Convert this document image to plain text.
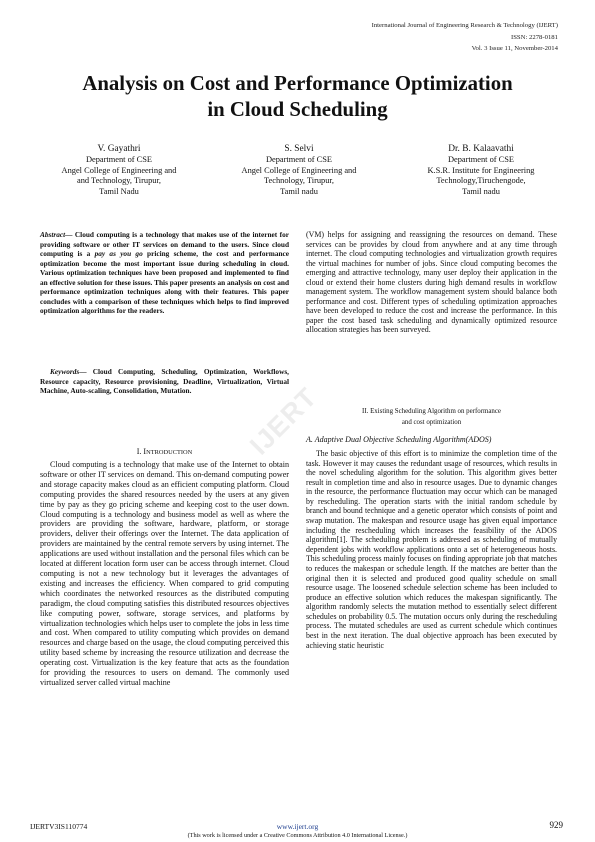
International Journal of Engineering Research & Technology (IJERT)
ISSN: 2278-0181
Vol. 3 Issue 11, November-2014
Analysis on Cost and Performance Optimization
in Cloud Scheduling
V. Gayathri
Department of CSE
Angel College of Engineering and
and Technology, Tirupur,
Tamil Nadu
S. Selvi
Department of CSE
Angel College of Engineering and
Technology, Tirupur,
Tamil nadu
Dr. B. Kalaavathi
Department of CSE
K.S.R. Institute for Engineering
Technology,Tiruchengode,
Tamil nadu

Abstract— Cloud computing is a technology that makes use of the internet for providing software or other IT services on demand to the users. Since cloud computing is a pay as you go pricing scheme, the cost and performance optimization become the most important issue during scheduling in cloud. Various optimization techniques have been proposed and implemented to find an effective solution for these issues. This paper presents an analysis on cost and performance optimization techniques along with their features. This paper concludes with a comparison of these techniques which helps to find improved optimization algorithms for the readers.

Keywords— Cloud Computing, Scheduling, Optimization, Workflows, Resource capacity, Resource provisioning, Deadline, Virtualization, Virtual Machine, Auto-scaling, Consolidation, Mutation.

I. INTRODUCTION

Cloud computing is a technology that make use of the Internet to obtain software or other IT services on demand. This on-demand computing power and storage capacity makes cloud as an efficient computing platform. Cloud computing provides the shared resources needed by the users at any given time by pay as they go pricing scheme and keeping cost to the user down. Cloud computing is a technology and business model as well as where the providers are providing the software, hardware, platform, or storage providers, deliver their offerings over the Internet. The data application of providers are maintained by the central remote servers by using internet. The applications are used without installation and the personal files which can be located at different location form user can be access through internet. Cloud computing is not a new technology but it leverages the advantages of existing and increases the efficiency. When compared to grid computing which coordinates the networked resources as the distributed computing paradigm, the cloud computing satisfies this distributed resources objectives like computing power, software, storage services, and platforms by virtualization technologies which helps user to complete the jobs in less time and cost. When compared to utility computing which provides on demand resources and charge based on the usage, the cloud computing perceived this utility based scheme by increasing the resource utilization and decrease the operating cost. Virtualization is the key feature that acts as the foundation for providing the resources to users on demand. The commonly used virtualized server called virtual machine

(VM) helps for assigning and reassigning the resources on demand. These services can be provides by cloud from anywhere and at any time through internet. The cloud computing technologies and virtualization growth requires the virtual machines for number of jobs. Since cloud computing becomes the emerging and attractive technology, many user deploy their application in the cloud or extend their home clusters during high demand results in workflow management system. The workflow management system should balance both performance and cost. Different types of scheduling optimization approaches have been developed to reduce the cost and increase the performance. In this paper the cost based task scheduling and dynamically optimized resource allocation strategies has been surveyed.

II. Existing Scheduling Algorithm on performance
and cost optimization
A. Adaptive Dual Objective Scheduling Algorithm(ADOS)

The basic objective of this effort is to minimize the completion time of the task. However it may causes the redundant usage of resources, which results in the novel scheduling algorithm for the solution. This algorithm gives better result in completion time and also in resource usages. Due to dynamic changes in the resource, the performance fluctuation may occur which can be managed by rescheduling. The operation starts with the initial random schedule by branch and bound technique and a genetic operator which consists of point and swap mutation. The makespan and resource usage has given equal importance including the rescheduling which increases the feasibility of the ADOS algorithm[1]. The scheduling problem is addressed as scheduling of mutually dependent jobs with workflow applications onto a set of heterogeneous hosts. This scheduling process mainly focuses on finding appropriate job that matches to reduces the makespan or schedule length. If the matches are better than the original then it is selected and produced good quality schedule on small resource usage. The loosened schedule selection scheme has been included to produce an effective solution which reduces the makespan significantly. The algorithm randomly selects the mutation method to essentially select different schedules on probability 0.5. The mutation occurs only during the rescheduling process. The mutated schedules are used as current schedule which continues best in the next iteration. The dual objective approach has been executed by achieving static heuristic

IJERT
IJERTV3IS110774	www.ijert.org	929
(This work is licensed under a Creative Commons Attribution 4.0 International License.)
